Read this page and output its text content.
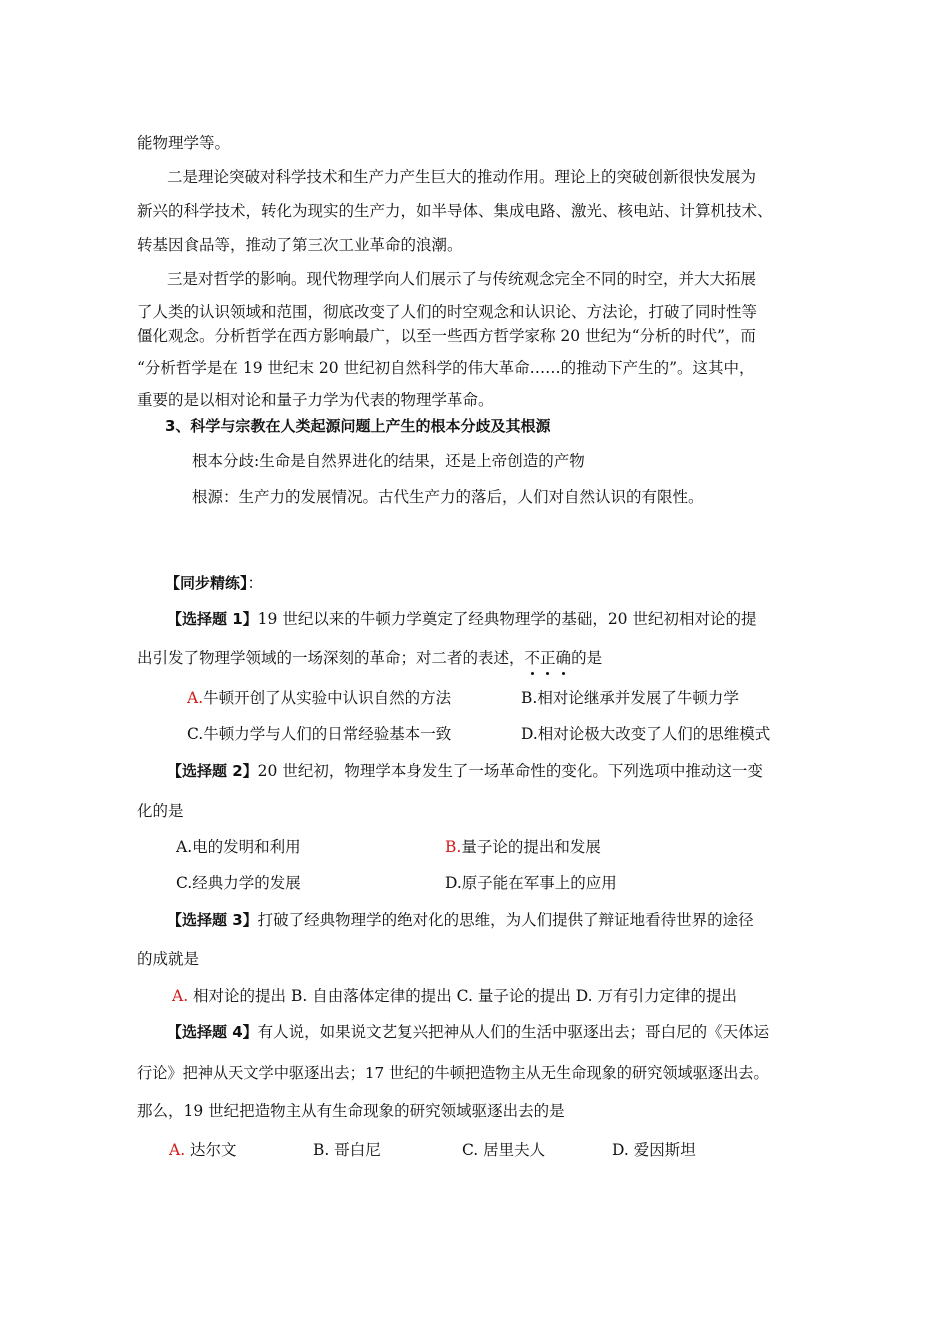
能物理学等。
二是理论突破对科学技术和生产力产生巨大的推动作用。理论上的突破创新很快发展为
新兴的科学技术，转化为现实的生产力，如半导体、集成电路、激光、核电站、计算机技术、
转基因食品等，推动了第三次工业革命的浪潮。
三是对哲学的影响。现代物理学向人们展示了与传统观念完全不同的时空，并大大拓展
了人类的认识领域和范围，彻底改变了人们的时空观念和认识论、方法论，打破了同时性等
僵化观念。分析哲学在西方影响最广，以至一些西方哲学家称 20 世纪为“分析的时代”，而
“分析哲学是在 19 世纪末 20 世纪初自然科学的伟大革命……的推动下产生的”。这其中，
重要的是以相对论和量子力学为代表的物理学革命。
3、科学与宗教在人类起源问题上产生的根本分歧及其根源
根本分歧:生命是自然界进化的结果，还是上帝创造的产物
根源：生产力的发展情况。古代生产力的落后，人们对自然认识的有限性。
【同步精练】：
【选择题 1】19 世纪以来的牛顿力学奠定了经典物理学的基础，20 世纪初相对论的提
出引发了物理学领域的一场深刻的革命；对二者的表述，不正确的是
A.牛顿开创了从实验中认识自然的方法	B.相对论继承并发展了牛顿力学
C.牛顿力学与人们的日常经验基本一致	D.相对论极大改变了人们的思维模式
【选择题 2】20 世纪初，物理学本身发生了一场革命性的变化。下列选项中推动这一变
化的是
A.电的发明和利用	B.量子论的提出和发展
C.经典力学的发展	D.原子能在军事上的应用
【选择题 3】打破了经典物理学的绝对化的思维，为人们提供了辩证地看待世界的途径
的成就是
A. 相对论的提出 B. 自由落体定律的提出 C. 量子论的提出 D. 万有引力定律的提出
【选择题 4】有人说，如果说文艺复兴把神从人们的生活中驱逐出去；哥白尼的《天体运
行论》把神从天文学中驱逐出去；17 世纪的牛顿把造物主从无生命现象的研究领域驱逐出去。
那么，19 世纪把造物主从有生命现象的研究领域驱逐出去的是
A. 达尔文	B. 哥白尼	C. 居里夫人	D. 爱因斯坦
